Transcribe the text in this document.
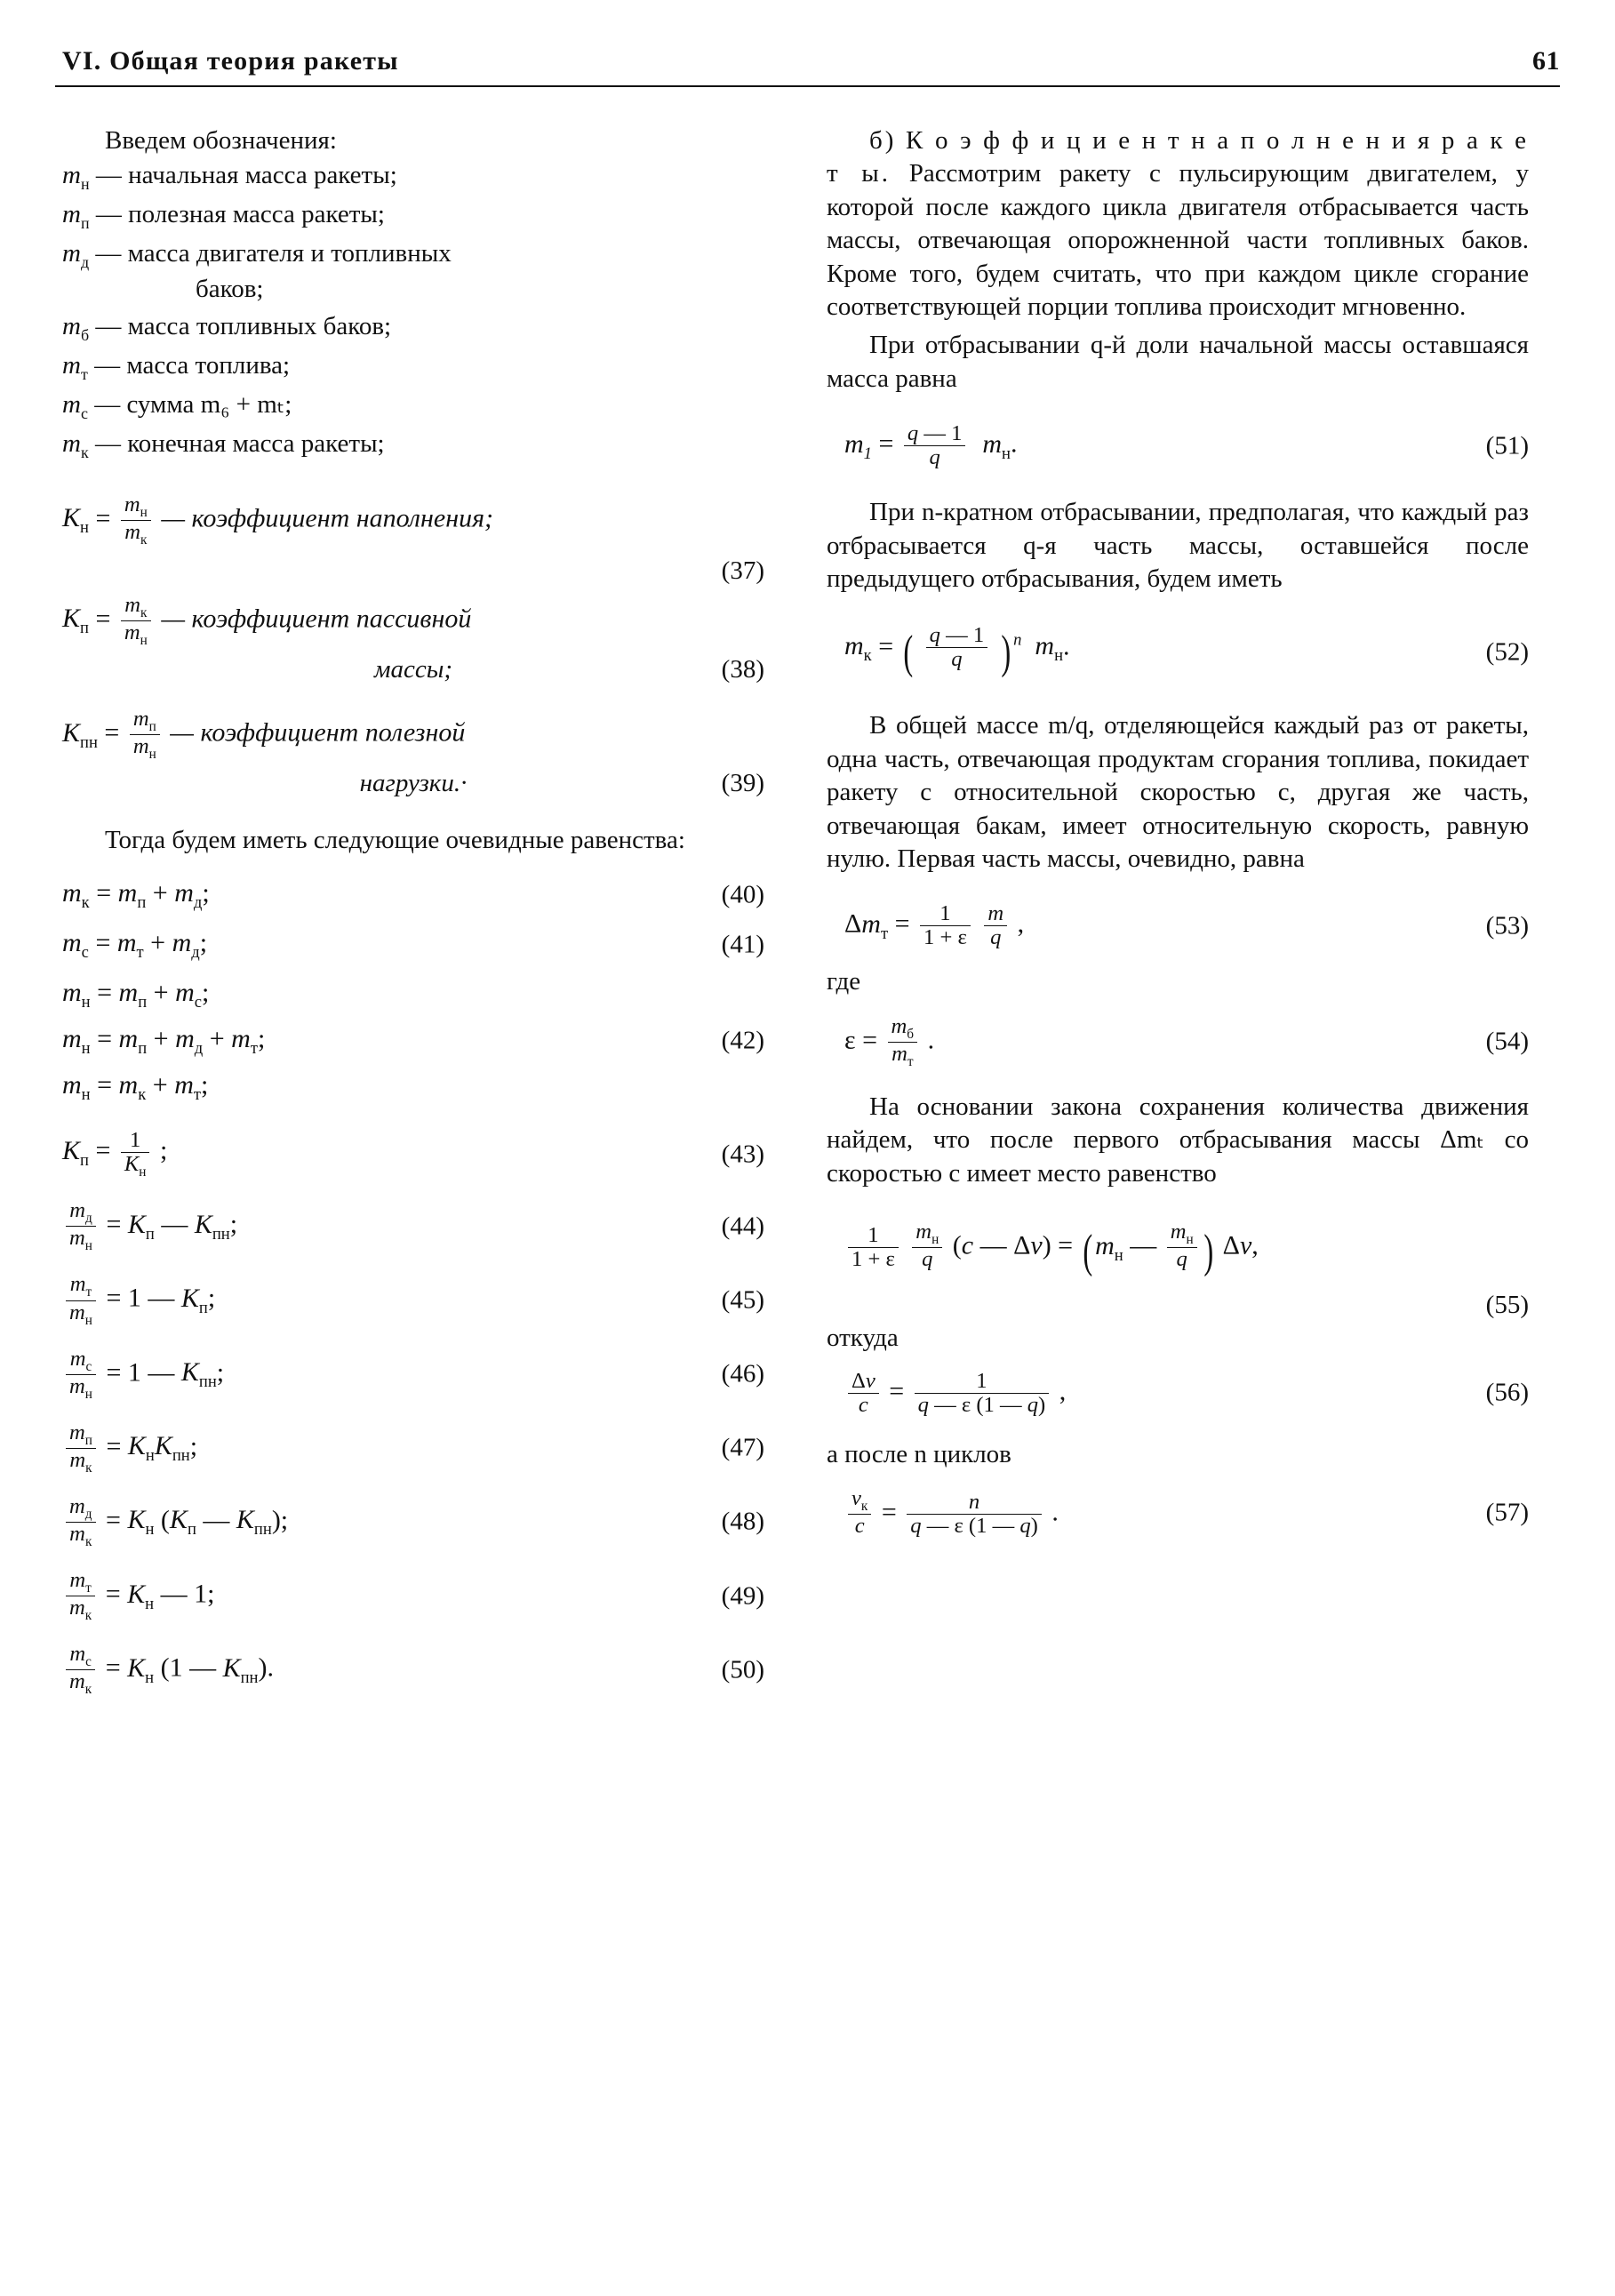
VI. Общая теория ракеты	61

Введем обозначения:

$m_н$ — начальная масса ракеты;
$m_п$ — полезная масса ракеты;
$m_д$ — масса двигателя и топливных
баков;
$m_б$ — масса топливных баков;
$m_т$ — масса топлива;
$m_с$ — сумма m₆ + mₜ;
$m_к$ — конечная масса ракеты;
$K_н = \frac{m_н}{m_к}$ — коэффициент наполнения;
(37)
$K_п = \frac{m_к}{m_н}$ — коэффициент пассивной
массы;	(38)
$K_{пн} = \frac{m_п}{m_н}$ — коэффициент полезной
нагрузки.·	(39)

Тогда будем иметь следующие очевидные равенства:

$m_к = m_п + m_д$;	(40)
$m_с = m_т + m_д$;	(41)
$m_н = m_п + m_с$;
$m_н = m_п + m_д + m_т$;	(42)
$m_н = m_к + m_т$;
$K_п = \frac{1}{K_н}$ ;	(43)
$\frac{m_д}{m_н} = K_п$ — $K_{пн}$;	(44)
$\frac{m_т}{m_н} = 1$ — $K_п$;	(45)
$\frac{m_с}{m_н} = 1$ — $K_{пн}$;	(46)
$\frac{m_п}{m_к} = K_нK_{пн}$;	(47)
$\frac{m_д}{m_к} = K_н$ ($K_п$ — $K_{пн}$);	(48)
$\frac{m_т}{m_к} = K_н$ — 1;	(49)
$\frac{m_с}{m_к} = K_н$ (1 — $K_{пн}$).	(50)

б) К о э ф ф и ц и е н т н а п о л н е н и я р а к е т ы. Рассмотрим ракету с пульсирующим двигателем, у которой после каждого цикла двигателя отбрасывается часть массы, отвечающая опорожненной части топливных баков. Кроме того, будем считать, что при каждом цикле сгорание соответствующей порции топлива происходит мгновенно.

При отбрасывании q-й доли начальной массы оставшаяся масса равна

$m_1 = \frac{q — 1}{q} m_н$.	(51)

При n-кратном отбрасывании, предполагая, что каждый раз отбрасывается q-я часть массы, оставшейся после предыдущего отбрасывания, будем иметь

$m_к$ = ( $\frac{q — 1}{q}$ ) $^n$ $m_н$.	(52)

В общей массе m/q, отделяющейся каждый раз от ракеты, одна часть, отвечающая продуктам сгорания топлива, покидает ракету с относительной скоростью c, другая же часть, отвечающая бакам, имеет относительную скорость, равную нулю. Первая часть массы, очевидно, равна

$\Delta m_т = \frac{1}{1 + \varepsilon}$
$\frac{m}{q}$ ,	(53)

где

$\varepsilon = \frac{m_б}{m_т}$ .	(54)

На основании закона сохранения количества движения найдем, что после первого отбрасывания массы Δmₜ со скоростью c имеет место равенство

$\frac{1}{1 + \varepsilon}$
$\frac{m_н}{q} (c$ — Δv) = ( $m_н$ — $\frac{m_н}{q}$ ) Δv,
(55)

откуда

$\frac{\Delta v}{c} = \frac{1}{q — \varepsilon (1 — q)}$ ,	(56)

а после n циклов

$\frac{v_к}{c} = \frac{n}{q — \varepsilon (1 — q)}$ .	(57)
